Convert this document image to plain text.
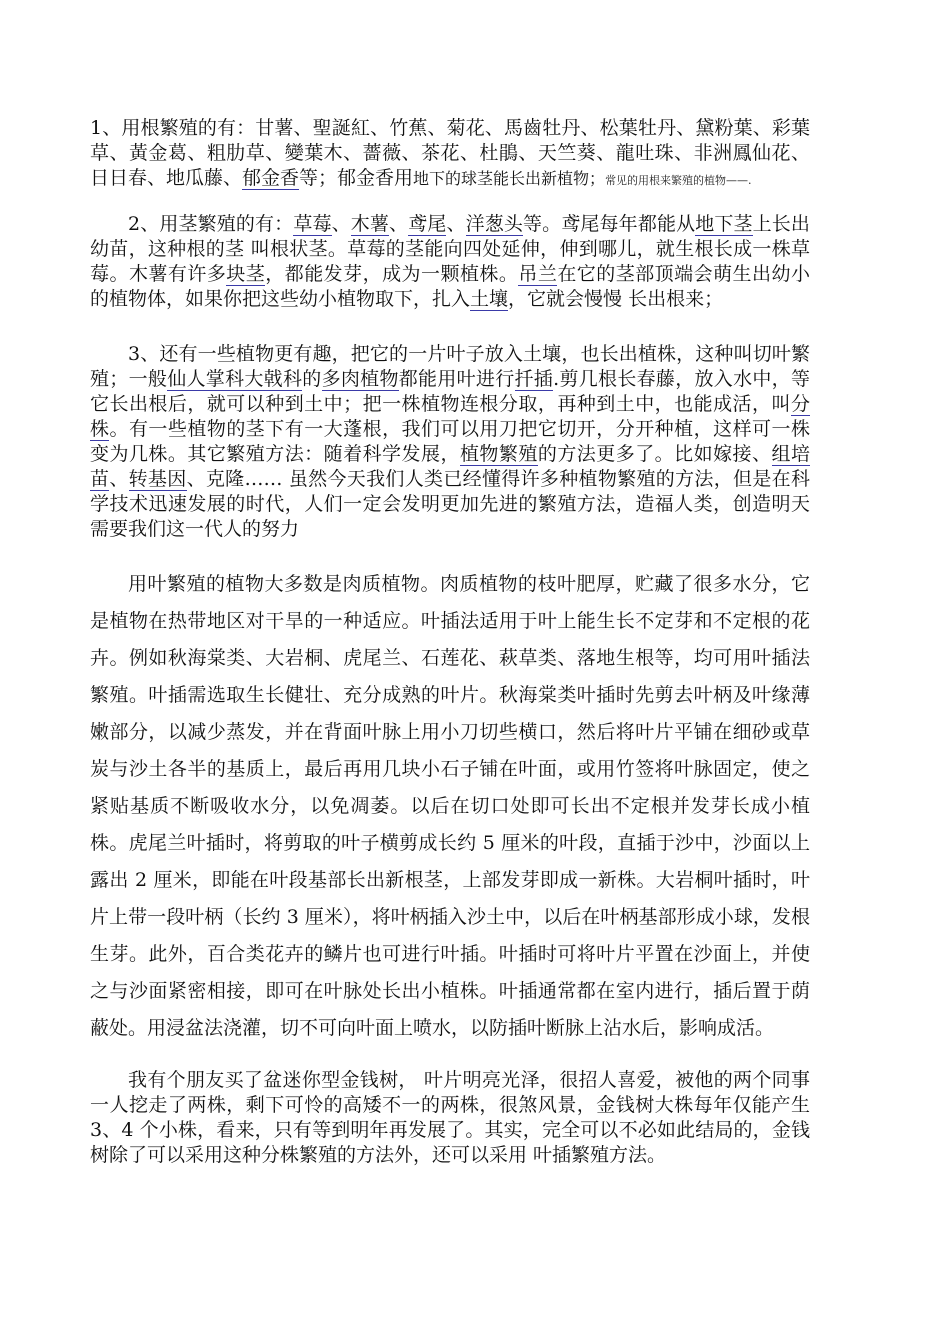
1、用根繁殖的有：甘薯、聖誕紅、竹蕉、菊花、馬齒牡丹、松葉牡丹、黛粉葉、彩葉草、黃金葛、粗肋草、變葉木、薔薇、茶花、杜鵑、天竺葵、龍吐珠、非洲鳳仙花、日日春、地瓜藤、郁金香等；郁金香用地下的球茎能长出新植物；常见的用根来繁殖的植物——.

2、用茎繁殖的有：草莓、木薯、鸢尾、洋葱头等。鸢尾每年都能从地下茎上长出幼苗，这种根的茎 叫根状茎。草莓的茎能向四处延伸，伸到哪儿，就生根长成一株草莓。木薯有许多块茎，都能发芽，成为一颗植株。吊兰在它的茎部顶端会萌生出幼小的植物体，如果你把这些幼小植物取下，扎入土壤，它就会慢慢 长出根来；

3、还有一些植物更有趣，把它的一片叶子放入土壤，也长出植株，这种叫切叶繁殖；一般仙人掌科大戟科的多肉植物都能用叶进行扦插.剪几根长春藤，放入水中，等它长出根后，就可以种到土中；把一株植物连根分取，再种到土中，也能成活，叫分株。有一些植物的茎下有一大蓬根，我们可以用刀把它切开，分开种植，这样可一株变为几株。其它繁殖方法：随着科学发展，植物繁殖的方法更多了。比如嫁接、组培苗、转基因、克隆…… 虽然今天我们人类已经懂得许多种植物繁殖的方法，但是在科学技术迅速发展的时代，人们一定会发明更加先进的繁殖方法，造福人类，创造明天需要我们这一代人的努力

用叶繁殖的植物大多数是肉质植物。肉质植物的枝叶肥厚，贮藏了很多水分，它是植物在热带地区对干旱的一种适应。叶插法适用于叶上能生长不定芽和不定根的花卉。例如秋海棠类、大岩桐、虎尾兰、石莲花、萩草类、落地生根等，均可用叶插法繁殖。叶插需选取生长健壮、充分成熟的叶片。秋海棠类叶插时先剪去叶柄及叶缘薄嫩部分，以减少蒸发，并在背面叶脉上用小刀切些横口，然后将叶片平铺在细砂或草炭与沙土各半的基质上，最后再用几块小石子铺在叶面，或用竹签将叶脉固定，使之紧贴基质不断吸收水分，以免凋萎。以后在切口处即可长出不定根并发芽长成小植株。虎尾兰叶插时，将剪取的叶子横剪成长约 5 厘米的叶段，直插于沙中，沙面以上露出 2 厘米，即能在叶段基部长出新根茎，上部发芽即成一新株。大岩桐叶插时，叶片上带一段叶柄（长约 3 厘米），将叶柄插入沙土中，以后在叶柄基部形成小球，发根生芽。此外，百合类花卉的鳞片也可进行叶插。叶插时可将叶片平置在沙面上，并使之与沙面紧密相接，即可在叶脉处长出小植株。叶插通常都在室内进行，插后置于荫蔽处。用浸盆法浇灌，切不可向叶面上喷水，以防插叶断脉上沾水后，影响成活。

我有个朋友买了盆迷你型金钱树， 叶片明亮光泽，很招人喜爱，被他的两个同事一人挖走了两株，剩下可怜的高矮不一的两株，很煞风景，金钱树大株每年仅能产生 3、4 个小株，看来，只有等到明年再发展了。其实，完全可以不必如此结局的，金钱树除了可以采用这种分株繁殖的方法外，还可以采用 叶插繁殖方法。
